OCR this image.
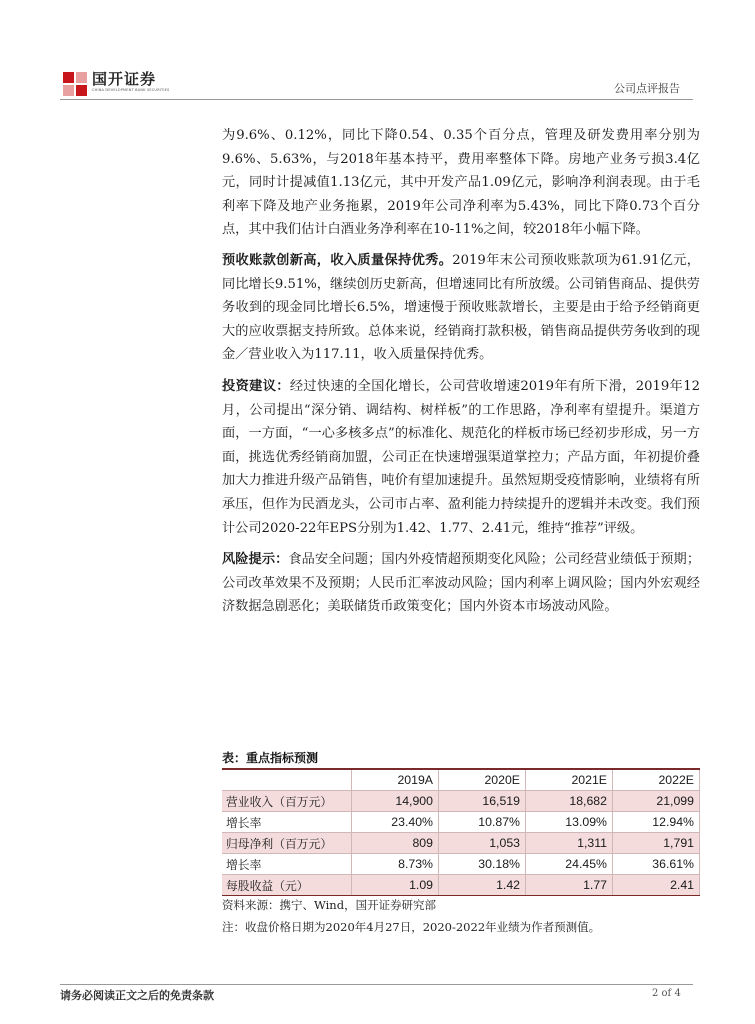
国开证券
CHINA DEVELOPMENT BANK SECURITIES	公司点评报告

为9.6%、0.12%，同比下降0.54、0.35个百分点，管理及研发费用率分别为9.6%、5.63%，与2018年基本持平，费用率整体下降。房地产业务亏损3.4亿元，同时计提减值1.13亿元，其中开发产品1.09亿元，影响净利润表现。由于毛利率下降及地产业务拖累，2019年公司净利率为5.43%，同比下降0.73个百分点，其中我们估计白酒业务净利率在10-11%之间，较2018年小幅下降。

预收账款创新高，收入质量保持优秀。2019年末公司预收账款项为61.91亿元，同比增长9.51%，继续创历史新高，但增速同比有所放缓。公司销售商品、提供劳务收到的现金同比增长6.5%，增速慢于预收账款增长，主要是由于给予经销商更大的应收票据支持所致。总体来说，经销商打款积极，销售商品提供劳务收到的现金／营业收入为117.11，收入质量保持优秀。

投资建议：经过快速的全国化增长，公司营收增速2019年有所下滑，2019年12月，公司提出“深分销、调结构、树样板”的工作思路，净利率有望提升。渠道方面，一方面，“一心多核多点”的标准化、规范化的样板市场已经初步形成，另一方面，挑选优秀经销商加盟，公司正在快速增强渠道掌控力；产品方面，年初提价叠加大力推进升级产品销售，吨价有望加速提升。虽然短期受疫情影响，业绩将有所承压，但作为民酒龙头，公司市占率、盈利能力持续提升的逻辑并未改变。我们预计公司2020-22年EPS分别为1.42、1.77、2.41元，维持“推荐”评级。

风险提示：食品安全问题；国内外疫情超预期变化风险；公司经营业绩低于预期；公司改革效果不及预期；人民币汇率波动风险；国内利率上调风险；国内外宏观经济数据急剧恶化；美联储货币政策变化；国内外资本市场波动风险。

表：重点指标预测
	2019A	2020E	2021E	2022E
营业收入（百万元）	14,900	16,519	18,682	21,099
增长率	23.40%	10.87%	13.09%	12.94%
归母净利（百万元）	809	1,053	1,311	1,791
增长率	8.73%	30.18%	24.45%	36.61%
每股收益（元）	1.09	1.42	1.77	2.41
资料来源：携宁、Wind，国开证券研究部
注：收盘价格日期为2020年4月27日，2020-2022年业绩为作者预测值。
请务必阅读正文之后的免责条款	2 of 4
